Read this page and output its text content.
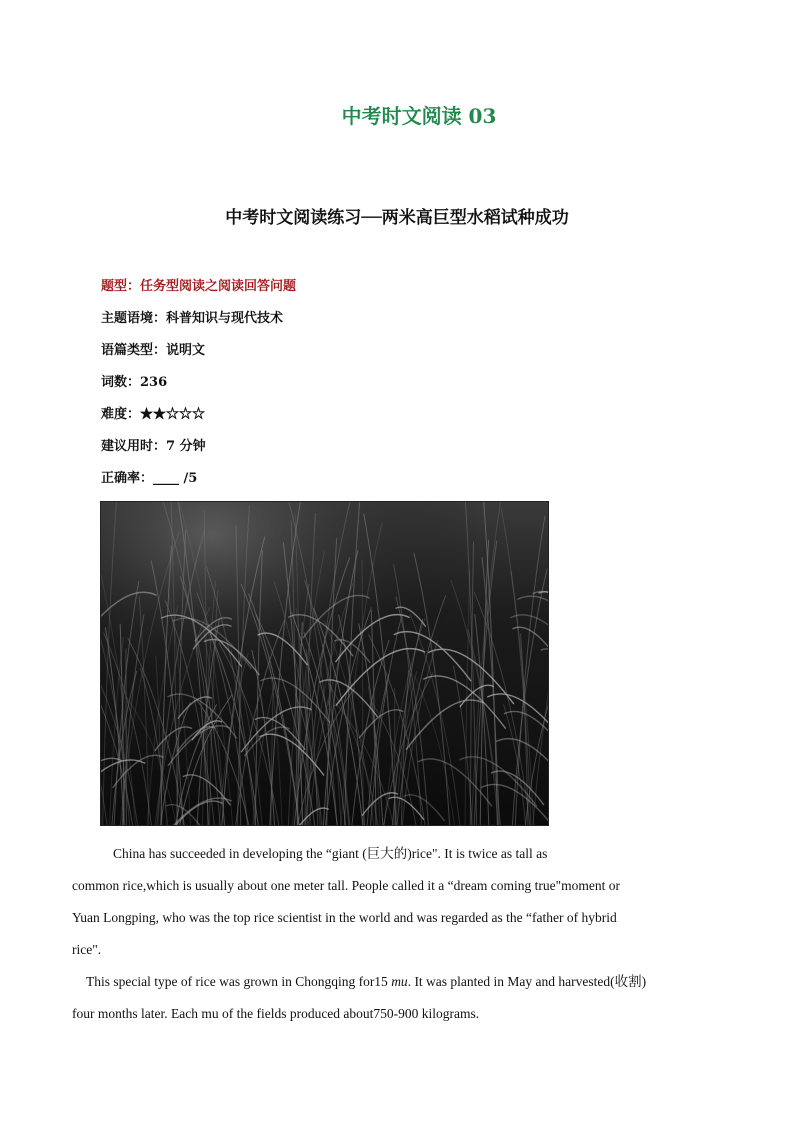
中考时文阅读 03
中考时文阅读练习──两米高巨型水稻试种成功
题型：任务型阅读之阅读回答问题
主题语境：科普知识与现代技术
语篇类型：说明文
词数：236
难度：★★☆☆☆
建议用时：7 分钟
正确率：____ /5

China has succeeded in developing the “giant (巨大的)rice". It is twice as tall as
common rice,which is usually about one meter tall. People called it a “dream coming true"moment or
Yuan Longping, who was the top rice scientist in the world and was regarded as the “father of hybrid
rice".

This special type of rice was grown in Chongqing for15 mu. It was planted in May and harvested(收割)
four months later. Each mu of the fields produced about750-900 kilograms.
